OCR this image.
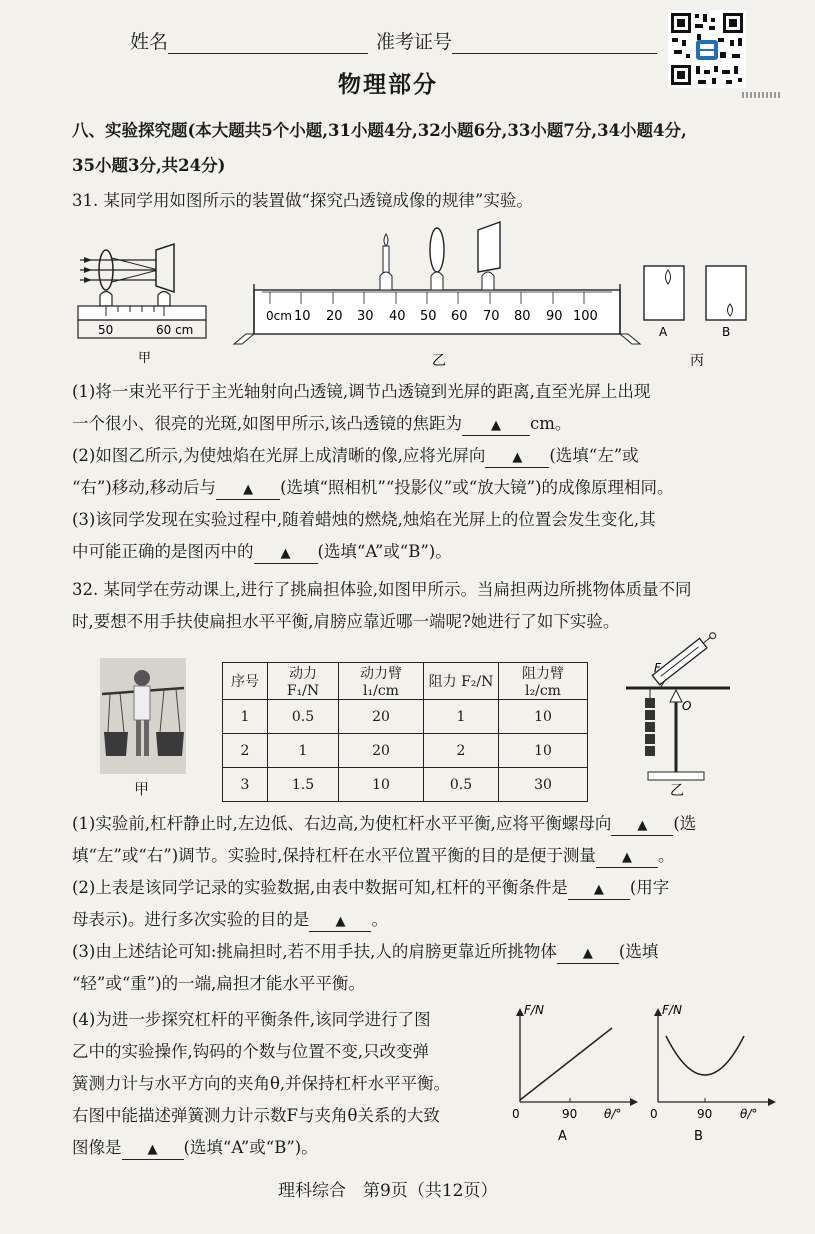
姓名	准考证号
物理部分
八、实验探究题(本大题共5个小题,31小题4分,32小题6分,33小题7分,34小题4分,
35小题3分,共24分)
31. 某同学用如图所示的装置做“探究凸透镜成像的规律”实验。
50	60 cm
甲
0cm 10 20 30 40 50 60 70 80 90 100
乙
A	B
丙
(1)将一束光平行于主光轴射向凸透镜,调节凸透镜到光屏的距离,直至光屏上出现
一个很小、很亮的光斑,如图甲所示,该凸透镜的焦距为 ▲ cm。
(2)如图乙所示,为使烛焰在光屏上成清晰的像,应将光屏向 ▲ (选填“左”或
“右”)移动,移动后与 ▲ (选填“照相机”“投影仪”或“放大镜”)的成像原理相同。
(3)该同学发现在实验过程中,随着蜡烛的燃烧,烛焰在光屏上的位置会发生变化,其
中可能正确的是图丙中的 ▲ (选填“A”或“B”)。
32. 某同学在劳动课上,进行了挑扁担体验,如图甲所示。当扁担两边所挑物体质量不同
时,要想不用手扶使扁担水平平衡,肩膀应靠近哪一端呢?她进行了如下实验。
甲
序号	动力 F₁/N	动力臂 l₁/cm	阻力 F₂/N	阻力臂 l₂/cm
1	0.5	20	1	10
2	1	20	2	10
3	1.5	10	0.5	30
F
O
乙
(1)实验前,杠杆静止时,左边低、右边高,为使杠杆水平平衡,应将平衡螺母向 ▲ (选
填“左”或“右”)调节。实验时,保持杠杆在水平位置平衡的目的是便于测量 ▲ 。
(2)上表是该同学记录的实验数据,由表中数据可知,杠杆的平衡条件是 ▲ (用字
母表示)。进行多次实验的目的是 ▲ 。
(3)由上述结论可知:挑扁担时,若不用手扶,人的肩膀更靠近所挑物体 ▲ (选填
“轻”或“重”)的一端,扁担才能水平平衡。
(4)为进一步探究杠杆的平衡条件,该同学进行了图
乙中的实验操作,钩码的个数与位置不变,只改变弹
簧测力计与水平方向的夹角θ,并保持杠杆水平平衡。
右图中能描述弹簧测力计示数F与夹角θ关系的大致
图像是 ▲ (选填“A”或“B”)。
F/N
0	90 θ/°
A
F/N
0	90 θ/°
B
理科综合　第9页（共12页）
